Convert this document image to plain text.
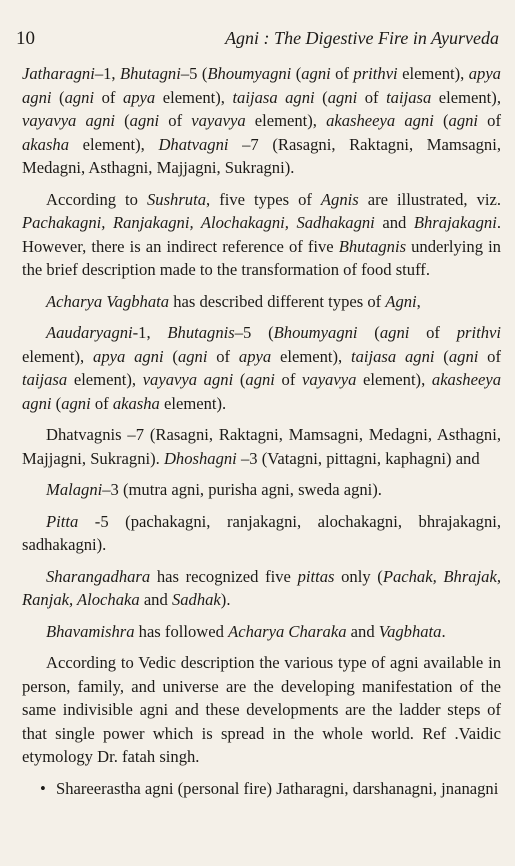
10	Agni : The Digestive Fire in Ayurveda

Jatharagni–1, Bhutagni–5 (Bhoumyagni (agni of prithvi element), apya agni (agni of apya element), taijasa agni (agni of taijasa element), vayavya agni (agni of vayavya element), akasheeya agni (agni of akasha element), Dhatvagni –7 (Rasagni, Raktagni, Mamsagni, Medagni, Asthagni, Majjagni, Sukragni).

According to Sushruta, five types of Agnis are illustrated, viz. Pachakagni, Ranjakagni, Alochakagni, Sadhakagni and Bhrajakagni. However, there is an indirect reference of five Bhutagnis underlying in the brief description made to the transformation of food stuff.

Acharya Vagbhata has described different types of Agni,

Aaudaryagni-1, Bhutagnis–5 (Bhoumyagni (agni of prithvi element), apya agni (agni of apya element), taijasa agni (agni of taijasa element), vayavya agni (agni of vayavya element), akasheeya agni (agni of akasha element).

Dhatvagnis –7 (Rasagni, Raktagni, Mamsagni, Medagni, Asthagni, Majjagni, Sukragni). Dhoshagni –3 (Vatagni, pittagni, kaphagni) and

Malagni–3 (mutra agni, purisha agni, sweda agni).

Pitta -5 (pachakagni, ranjakagni, alochakagni, bhrajakagni, sadhakagni).

Sharangadhara has recognized five pittas only (Pachak, Bhrajak, Ranjak, Alochaka and Sadhak).

Bhavamishra has followed Acharya Charaka and Vagbhata.

According to Vedic description the various type of agni available in person, family, and universe are the developing manifestation of the same indivisible agni and these developments are the ladder steps of that single power which is spread in the whole world. Ref .Vaidic etymology Dr. fatah singh.

• Shareerastha agni (personal fire) Jatharagni, darshanagni, jnanagni
